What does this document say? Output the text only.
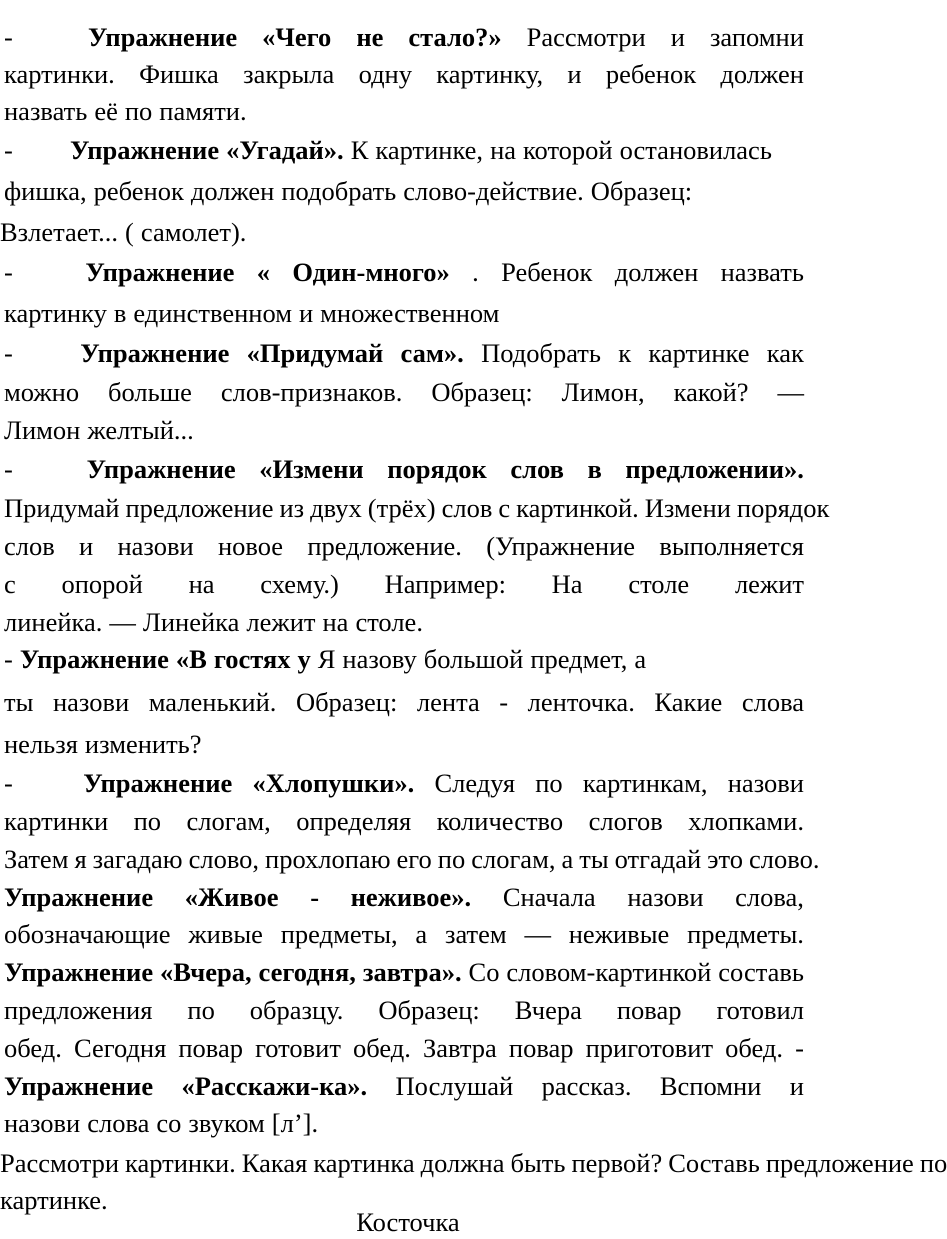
-	Упражнение «Чего не стало?» Рассмотри и запомни
картинки. Фишка закрыла одну картинку, и ребенок должен
назвать её по памяти.
-	Упражнение «Угадай». К картинке, на которой остановилась
фишка, ребенок должен подобрать слово-действие. Образец:
Взлетает... ( самолет).
-	Упражнение « Один-много» . Ребенок должен назвать
картинку в единственном и множественном
-	Упражнение «Придумай сам». Подобрать к картинке как
можно больше слов-признаков. Образец: Лимон, какой? —
Лимон желтый...
-	Упражнение «Измени порядок слов в предложении».
Придумай предложение из двух (трёх) слов с картинкой. Измени порядок
слов и назови новое предложение. (Упражнение выполняется
с опорой на схему.) Например: На столе лежит
линейка. — Линейка лежит на столе.
- Упражнение «В гостях у Я назову большой предмет, а
ты назови маленький. Образец: лента - ленточка. Какие слова
нельзя изменить?
-	Упражнение «Хлопушки». Следуя по картинкам, назови
картинки по слогам, определяя количество слогов хлопками.
Затем я загадаю слово, прохлопаю его по слогам, а ты отгадай это слово.
Упражнение «Живое - неживое». Сначала назови слова,
обозначающие живые предметы, а затем — неживые предметы.
Упражнение «Вчера, сегодня, завтра». Со словом-картинкой составь
предложения по образцу. Образец: Вчера повар готовил
обед. Сегодня повар готовит обед. Завтра повар приготовит обед. -
Упражнение «Расскажи-ка». Послушай рассказ. Вспомни и
назови слова со звуком [л’].
Рассмотри картинки. Какая картинка должна быть первой? Составь предложение по
картинке.
Косточка
